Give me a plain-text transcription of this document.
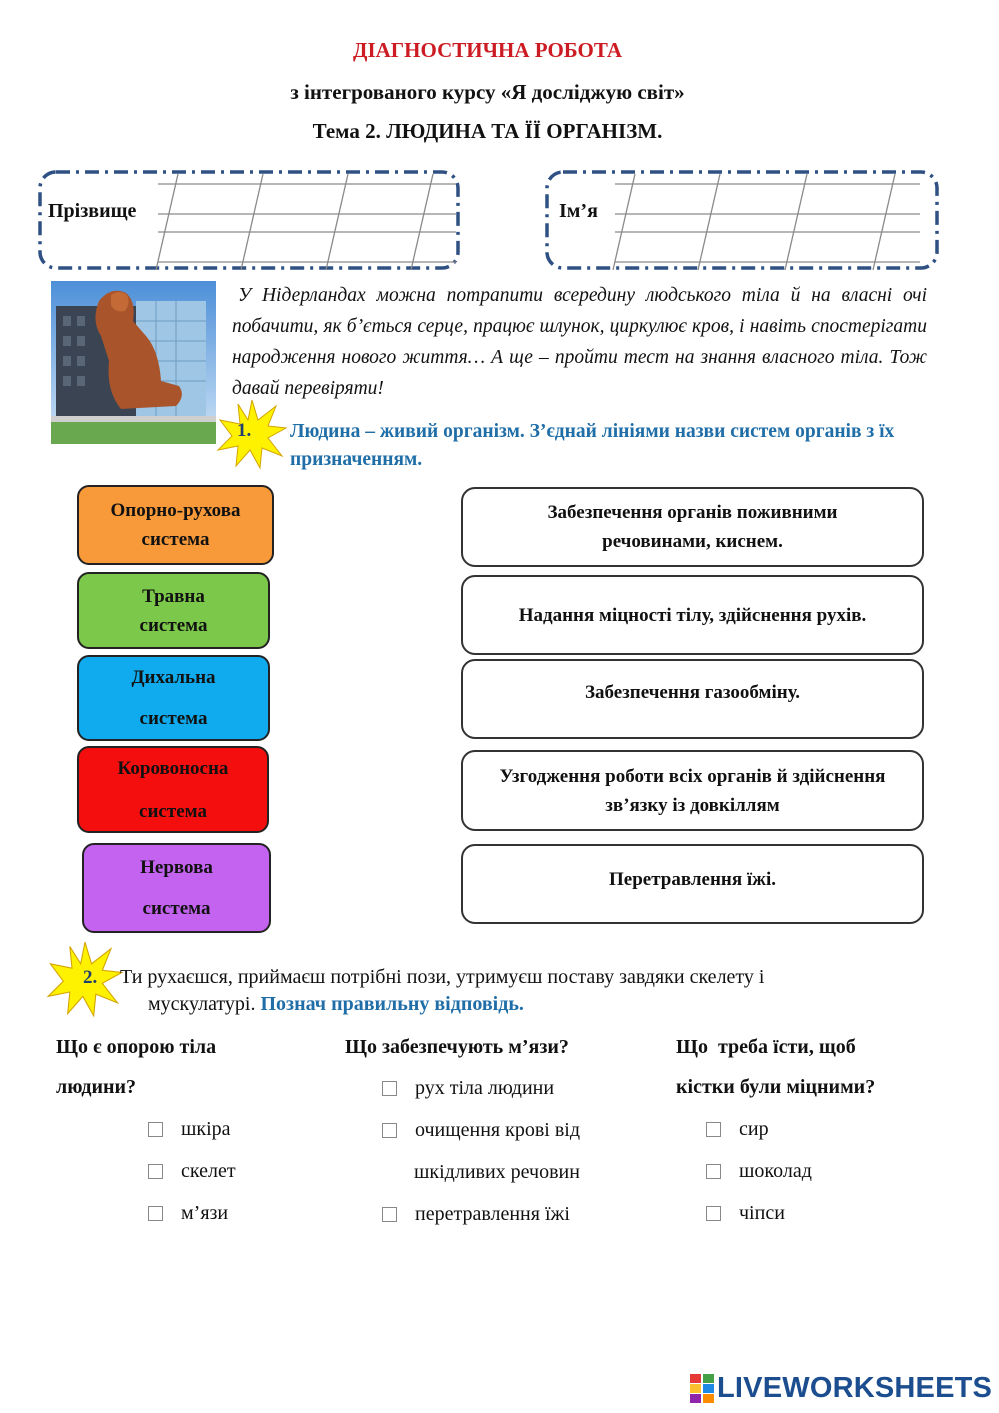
ДІАГНОСТИЧНА РОБОТА
з інтегрованого курсу «Я досліджую світ»
Тема 2. ЛЮДИНА ТА ЇЇ ОРГАНІЗМ.
Прізвище	Ім’я
У Нідерландах можна потрапити всередину людського тіла й на власні очі побачити, як б’ється серце, працює шлунок, циркулює кров, і навіть спостерігати народження нового життя… А ще – пройти тест на знання власного тіла. Тож давай перевіряти!
1. Людина – живий організм. З’єднай лініями назви систем органів з їх призначенням.
Опорно-рухова система
Травна система
Дихальна система
Коровоносна система
Нервова система
Забезпечення органів поживними речовинами, киснем.
Надання міцності тілу, здійснення рухів.
Забезпечення газообміну.
Узгодження роботи всіх органів й здійснення зв’язку із довкіллям
Перетравлення їжі.
2. Ти рухаєшся, приймаєш потрібні пози, утримуєш поставу завдяки скелету і
мускулатурі. Познач правильну відповідь.
Що є опорою тіла
людини?
шкіра
скелет
м’язи
Що забезпечують м’язи?
рух тіла людини
очищення крові від
шкідливих речовин
перетравлення їжі
Що  треба їсти, щоб
кістки були міцними?
сир
шоколад
чіпси
LIVEWORKSHEETS
